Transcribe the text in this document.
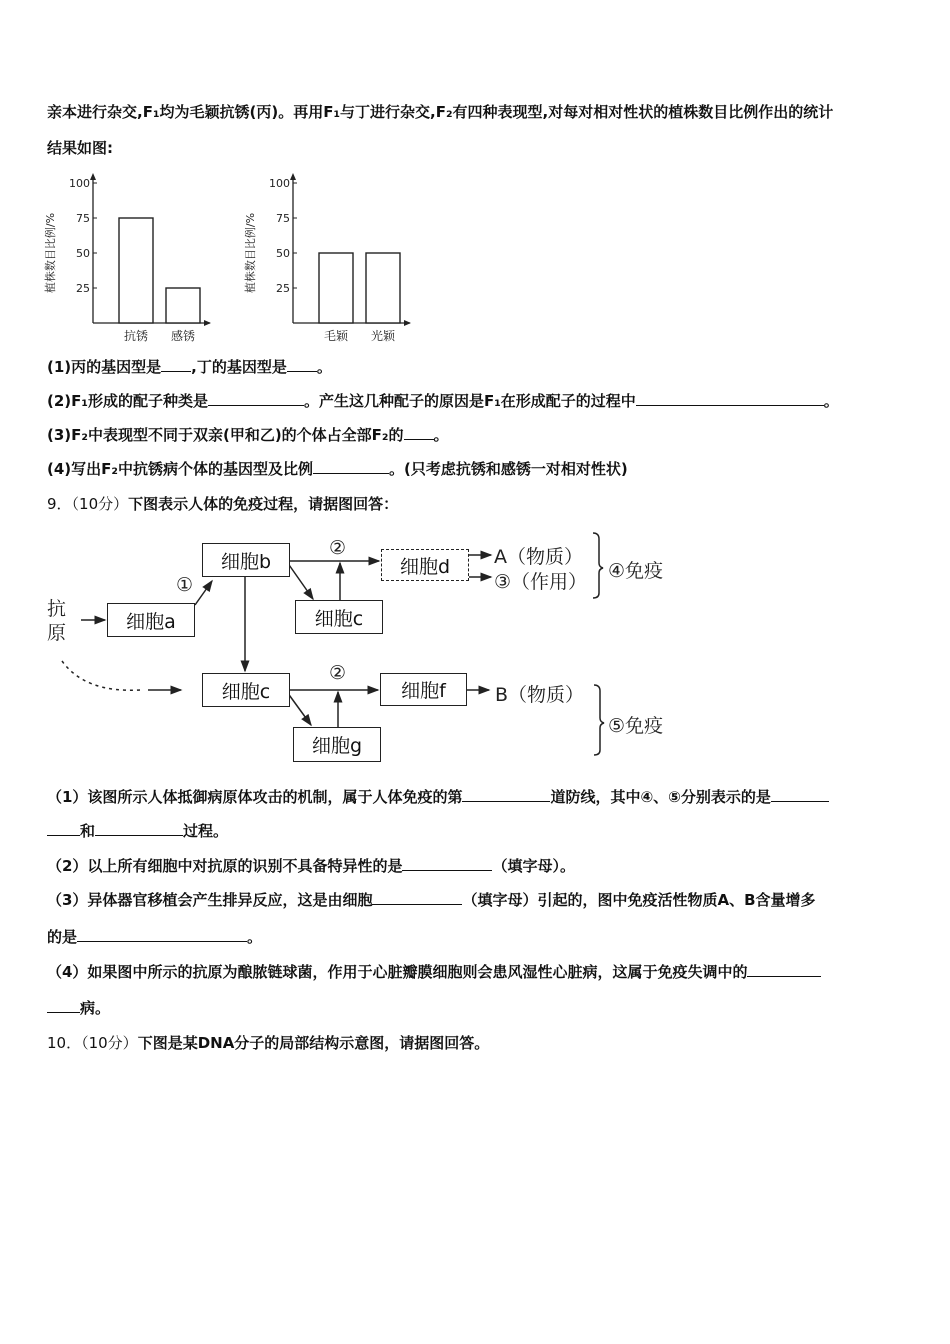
亲本进行杂交,F₁均为毛颖抗锈(丙)。再用F₁与丁进行杂交,F₂有四种表现型,对每对相对性状的植株数目比例作出的统计
结果如图:
25
50
75
100
植株数目比例/%
抗锈 感锈
25
50
75
100
植株数目比例/%
毛颖 光颖
(1)丙的基因型是 ,丁的基因型是 。
(2)F₁形成的配子种类是	。产生这几种配子的原因是F₁在形成配子的过程中	。
(3)F₂中表现型不同于双亲(甲和乙)的个体占全部F₂的 。
(4)写出F₂中抗锈病个体的基因型及比例	。(只考虑抗锈和感锈一对相对性状)
9．（10分）下图表示人体的免疫过程，请据图回答：
抗原
细胞a
细胞b
细胞c
细胞d
细胞c	细胞f
细胞g
①
②
②
A（物质）
③（作用） ④免疫
B（物质）
⑤免疫
（1）该图所示人体抵御病原体攻击的机制，属于人体免疫的第	道防线，其中④、⑤分别表示的是
和	过程。
（2）以上所有细胞中对抗原的识别不具备特异性的是	（填字母）。
（3）异体器官移植会产生排异反应，这是由细胞	（填字母）引起的，图中免疫活性物质A、B含量增多
的是	。
（4）如果图中所示的抗原为酿脓链球菌，作用于心脏瓣膜细胞则会患风湿性心脏病，这属于免疫失调中的
病。
10．（10分）下图是某DNA分子的局部结构示意图，请据图回答。
